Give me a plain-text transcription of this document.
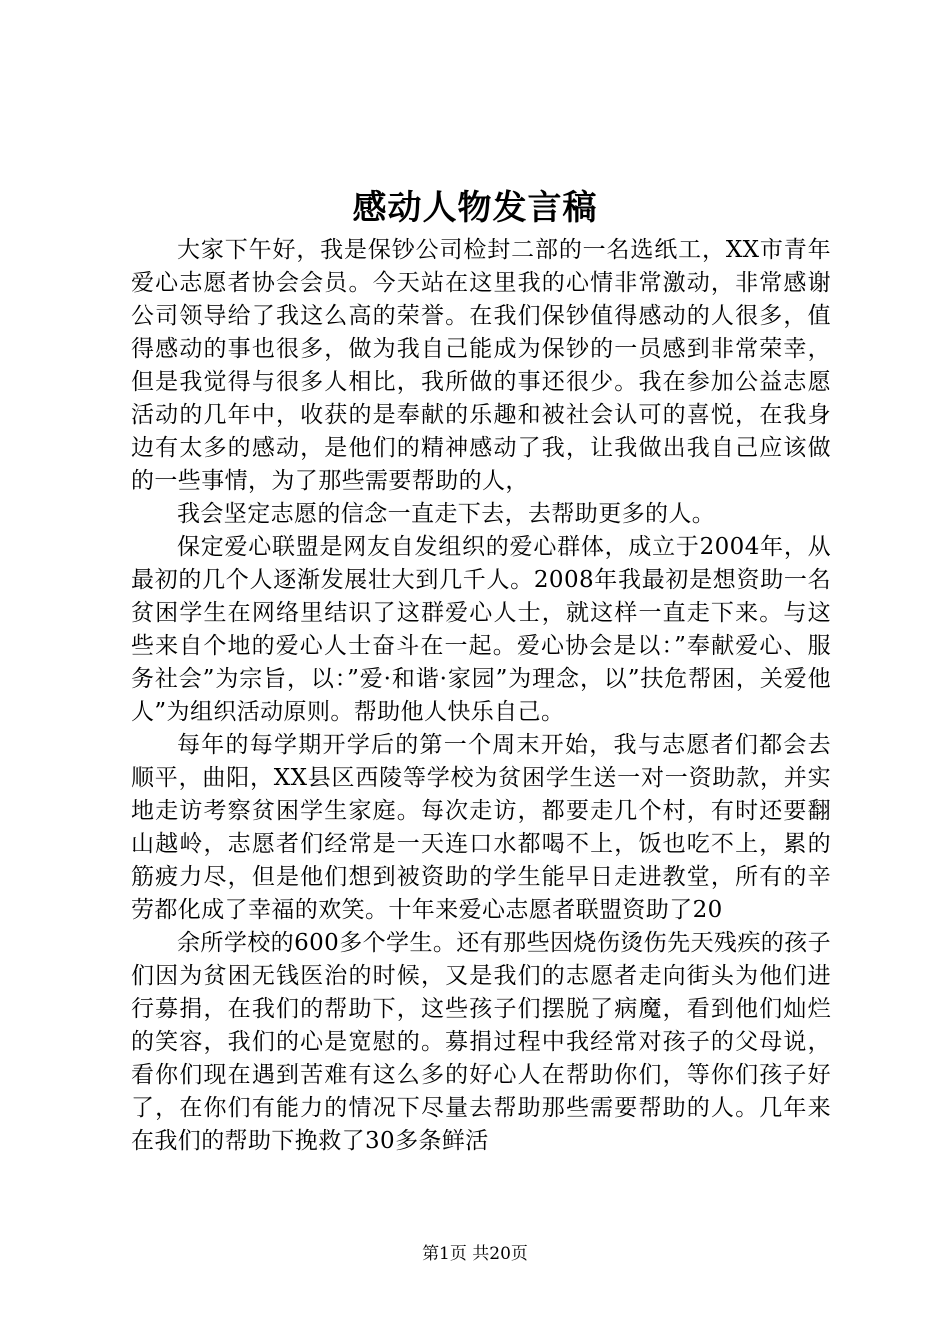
感动人物发言稿

大家下午好，我是保钞公司检封二部的一名选纸工，XX市青年爱心志愿者协会会员。今天站在这里我的心情非常激动，非常感谢公司领导给了我这么高的荣誉。在我们保钞值得感动的人很多，值得感动的事也很多，做为我自己能成为保钞的一员感到非常荣幸，但是我觉得与很多人相比，我所做的事还很少。我在参加公益志愿活动的几年中，收获的是奉献的乐趣和被社会认可的喜悦，在我身边有太多的感动，是他们的精神感动了我，让我做出我自己应该做的一些事情，为了那些需要帮助的人，

我会坚定志愿的信念一直走下去，去帮助更多的人。

保定爱心联盟是网友自发组织的爱心群体，成立于2004年，从最初的几个人逐渐发展壮大到几千人。2008年我最初是想资助一名贫困学生在网络里结识了这群爱心人士，就这样一直走下来。与这些来自个地的爱心人士奋斗在一起。爱心协会是以：”奉献爱心、服务社会”为宗旨，以：”爱·和谐·家园”为理念，以”扶危帮困，关爱他人”为组织活动原则。帮助他人快乐自己。

每年的每学期开学后的第一个周末开始，我与志愿者们都会去顺平，曲阳，XX县区西陵等学校为贫困学生送一对一资助款，并实地走访考察贫困学生家庭。每次走访，都要走几个村，有时还要翻山越岭，志愿者们经常是一天连口水都喝不上，饭也吃不上，累的筋疲力尽，但是他们想到被资助的学生能早日走进教堂，所有的辛劳都化成了幸福的欢笑。十年来爱心志愿者联盟资助了20

余所学校的600多个学生。还有那些因烧伤烫伤先天残疾的孩子们因为贫困无钱医治的时候，又是我们的志愿者走向街头为他们进行募捐，在我们的帮助下，这些孩子们摆脱了病魔，看到他们灿烂的笑容，我们的心是宽慰的。募捐过程中我经常对孩子的父母说，看你们现在遇到苦难有这么多的好心人在帮助你们，等你们孩子好了，在你们有能力的情况下尽量去帮助那些需要帮助的人。几年来在我们的帮助下挽救了30多条鲜活

第1页 共20页
